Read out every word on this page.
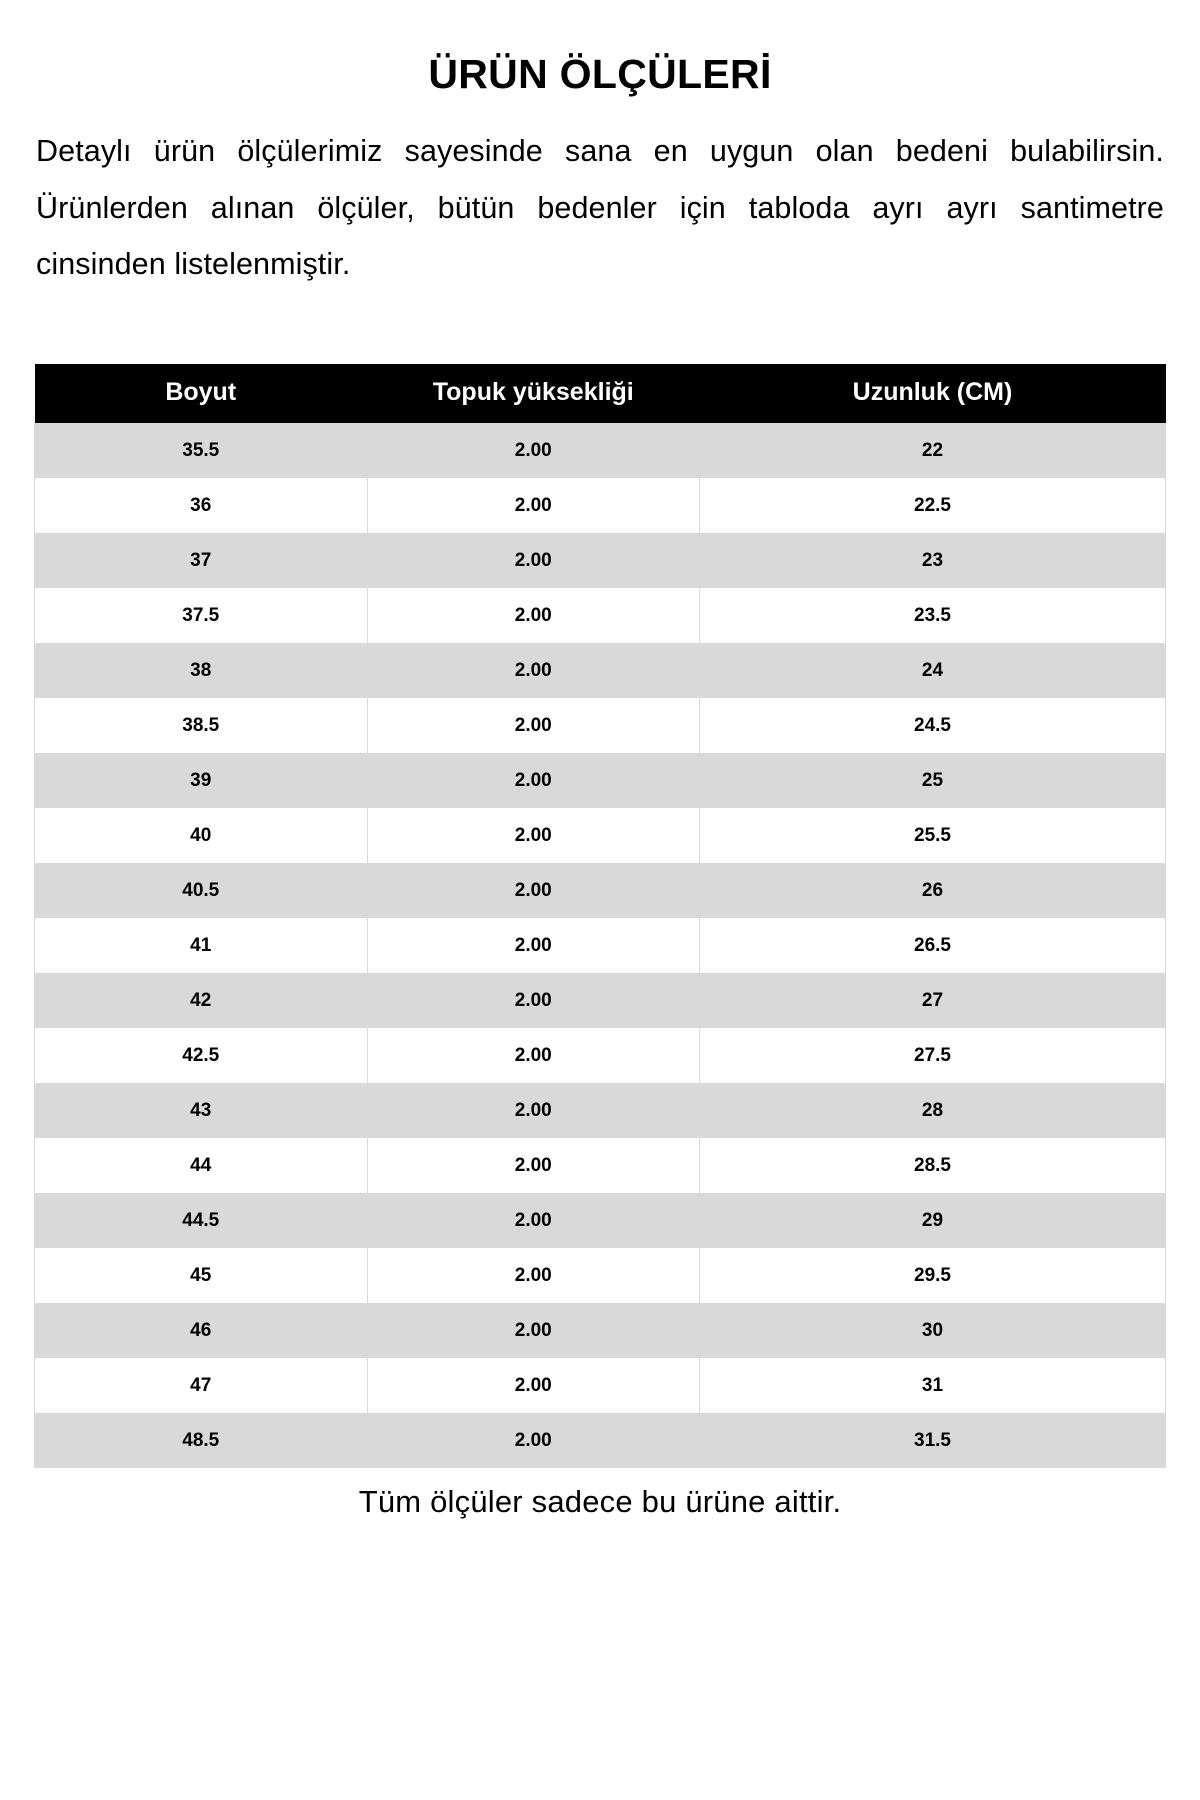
ÜRÜN ÖLÇÜLERİ

Detaylı ürün ölçülerimiz sayesinde sana en uygun olan bedeni bulabilirsin. Ürünlerden alınan ölçüler, bütün bedenler için tabloda ayrı ayrı santimetre cinsinden listelenmiştir.

Boyut	Topuk yüksekliği	Uzunluk (CM)
35.5	2.00	22
36	2.00	22.5
37	2.00	23
37.5	2.00	23.5
38	2.00	24
38.5	2.00	24.5
39	2.00	25
40	2.00	25.5
40.5	2.00	26
41	2.00	26.5
42	2.00	27
42.5	2.00	27.5
43	2.00	28
44	2.00	28.5
44.5	2.00	29
45	2.00	29.5
46	2.00	30
47	2.00	31
48.5	2.00	31.5
Tüm ölçüler sadece bu ürüne aittir.
